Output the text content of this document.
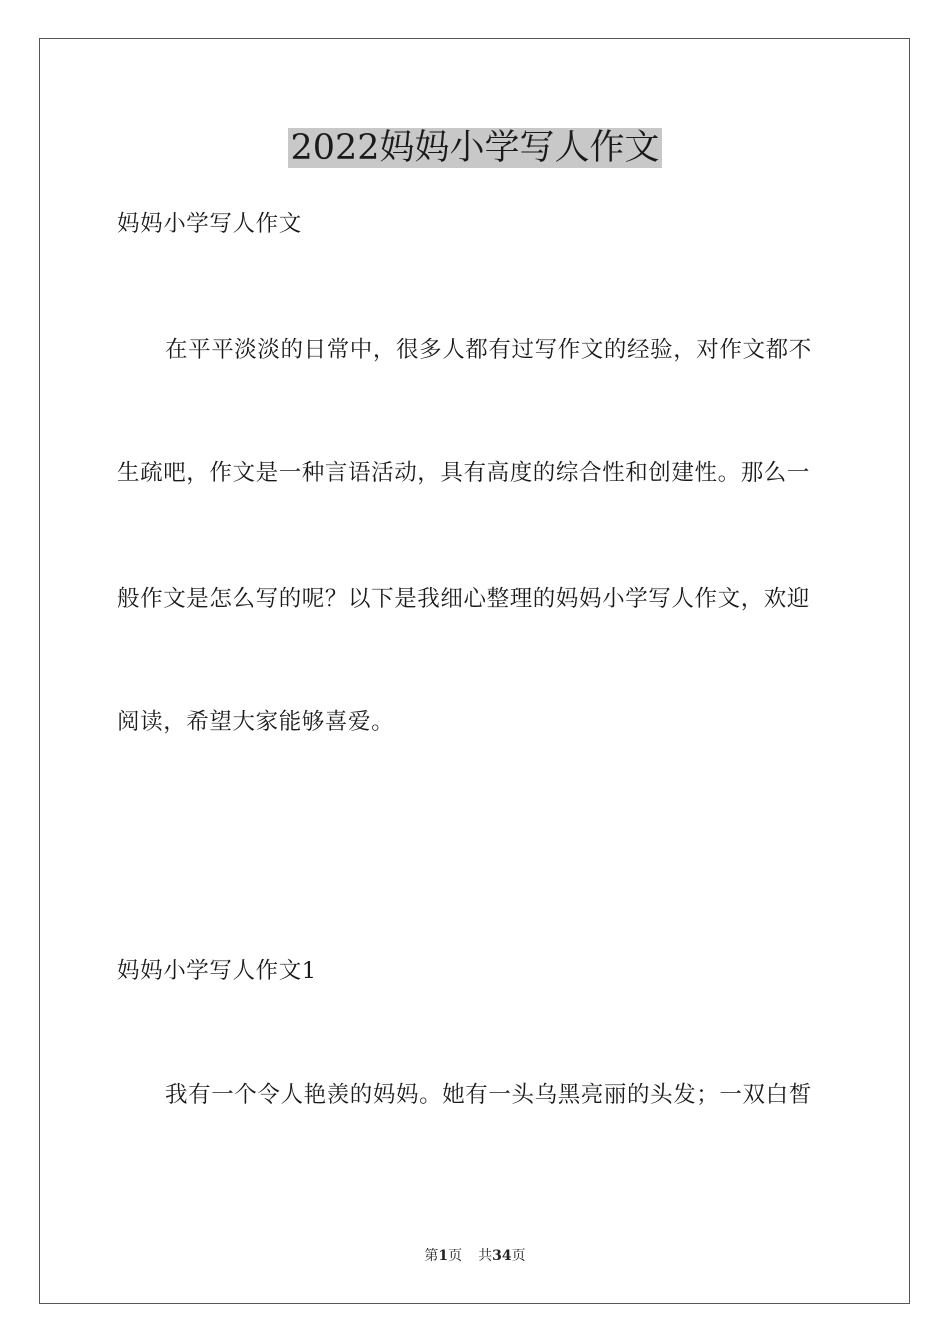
2022妈妈小学写人作文

妈妈小学写人作文

在平平淡淡的日常中，很多人都有过写作文的经验，对作文都不

生疏吧，作文是一种言语活动，具有高度的综合性和创建性。那么一

般作文是怎么写的呢？以下是我细心整理的妈妈小学写人作文，欢迎

阅读，希望大家能够喜爱。

妈妈小学写人作文1

我有一个令人艳羡的妈妈。她有一头乌黑亮丽的头发；一双白皙

第1页 共34页
